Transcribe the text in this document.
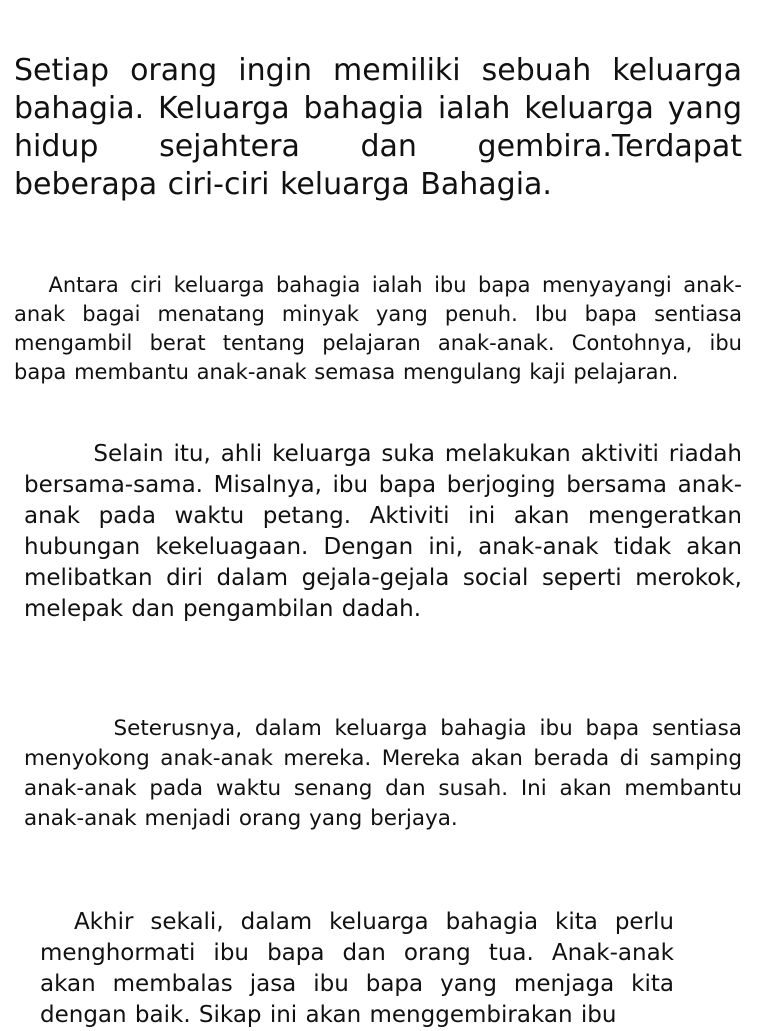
Setiap orang ingin memiliki sebuah keluarga bahagia. Keluarga bahagia ialah keluarga yang hidup sejahtera dan gembira.Terdapat beberapa ciri-ciri keluarga Bahagia.

Antara ciri keluarga bahagia ialah ibu bapa menyayangi anak-anak bagai menatang minyak yang penuh. Ibu bapa sentiasa mengambil berat tentang pelajaran anak-anak. Contohnya, ibu bapa membantu anak-anak semasa mengulang kaji pelajaran.

Selain itu, ahli keluarga suka melakukan aktiviti riadah bersama-sama. Misalnya, ibu bapa berjoging bersama anak-anak pada waktu petang. Aktiviti ini akan mengeratkan hubungan kekeluagaan. Dengan ini, anak-anak tidak akan melibatkan diri dalam gejala-gejala social seperti merokok, melepak dan pengambilan dadah.

Seterusnya, dalam keluarga bahagia ibu bapa sentiasa menyokong anak-anak mereka. Mereka akan berada di samping anak-anak pada waktu senang dan susah. Ini akan membantu anak-anak menjadi orang yang berjaya.

Akhir sekali, dalam keluarga bahagia kita perlu menghormati ibu bapa dan orang tua. Anak-anak akan membalas jasa ibu bapa yang menjaga kita dengan baik. Sikap ini akan menggembirakan ibu
